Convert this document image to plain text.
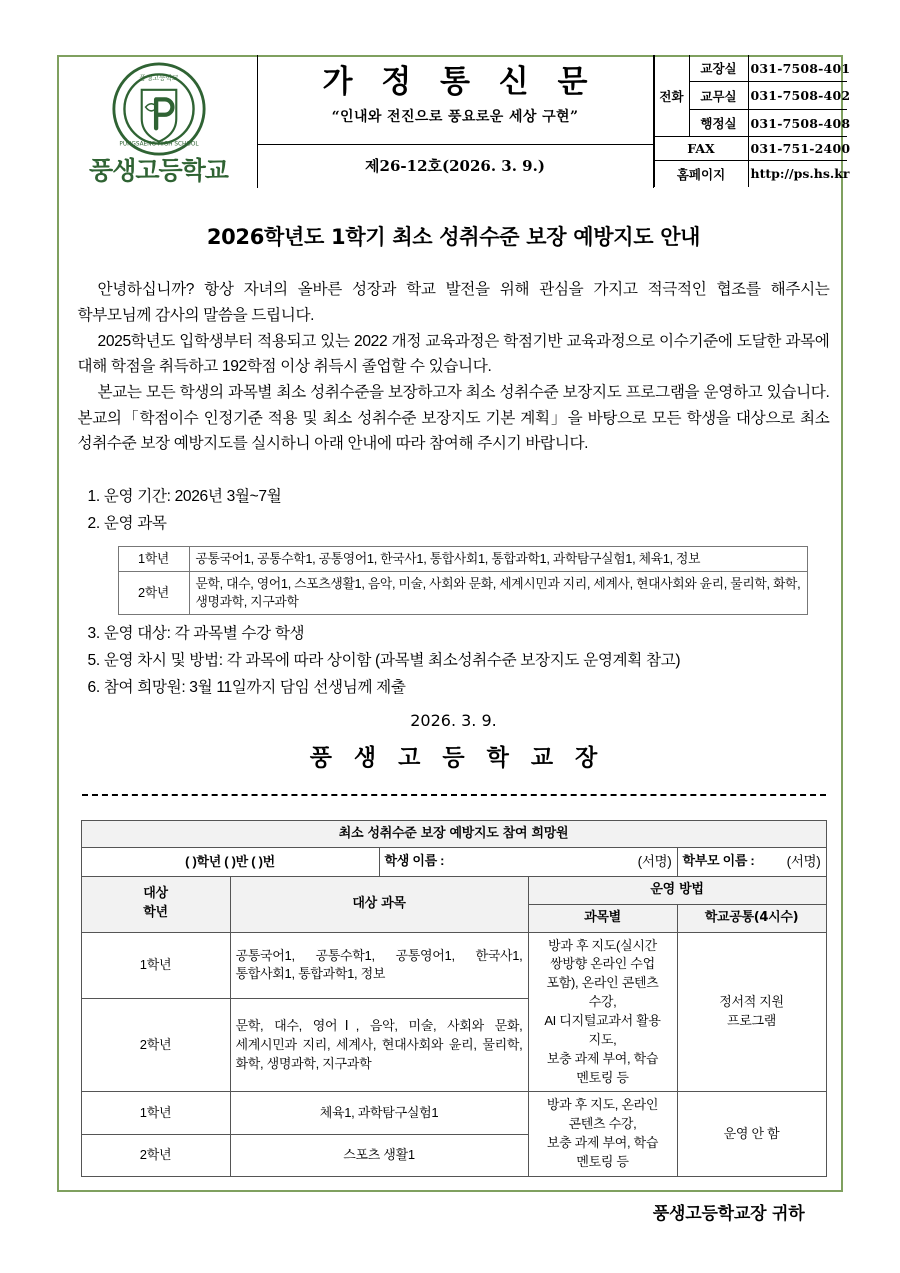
풍생고등학교
PUNGSAENG HIGH SCHOOL
풍생고등학교

가 정 통 신 문
“인내와 전진으로 풍요로운 세상 구현”
제26-12호(2026. 3. 9.)

전화	교장실	031-7508-401
	교무실	031-7508-402
	행정실	031-7508-408
FAX		031-751-2400
홈페이지		http://ps.hs.kr
2026학년도 1학기 최소 성취수준 보장 예방지도 안내

안녕하십니까? 항상 자녀의 올바른 성장과 학교 발전을 위해 관심을 가지고 적극적인 협조를 해주시는 학부모님께 감사의 말씀을 드립니다.

2025학년도 입학생부터 적용되고 있는 2022 개정 교육과정은 학점기반 교육과정으로 이수기준에 도달한 과목에 대해 학점을 취득하고 192학점 이상 취득시 졸업할 수 있습니다.

본교는 모든 학생의 과목별 최소 성취수준을 보장하고자 최소 성취수준 보장지도 프로그램을 운영하고 있습니다. 본교의「학점이수 인정기준 적용 및 최소 성취수준 보장지도 기본 계획」을 바탕으로 모든 학생을 대상으로 최소 성취수준 보장 예방지도를 실시하니 아래 안내에 따라 참여해 주시기 바랍니다.

1. 운영 기간: 2026년 3월~7월
2. 운영 과목
1학년	공통국어1, 공통수학1, 공통영어1, 한국사1, 통합사회1, 통합과학1, 과학탐구실험1, 체육1, 정보
2학년	문학, 대수, 영어1, 스포츠생활1, 음악, 미술, 사회와 문화, 세계시민과 지리, 세계사, 현대사회와 윤리, 물리학, 화학, 생명과학, 지구과학
3. 운영 대상: 각 과목별 수강 학생
5. 운영 차시 및 방법: 각 과목에 따라 상이함 (과목별 최소성취수준 보장지도 운영계획 참고)
6. 참여 희망원: 3월 11일까지 담임 선생님께 제출
2026. 3. 9.
풍 생 고 등 학 교 장
최소 성취수준 보장 예방지도 참여 희망원				
( )학년 ( )반 ( )번		학생 이름 : (서명)		학부모 이름 : (서명)

대상
학년	대상 과목		운영 방법	
			과목별	학교공통(4시수)
1학년	공통국어1, 공통수학1, 공통영어1, 한국사1, 통합사회1, 통합과학1, 정보		방과 후 지도(실시간 쌍방향 온라인 수업
포함), 온라인 콘텐츠 수강,
AI 디지털교과서 활용 지도,
보충 과제 부여, 학습 멘토링 등	정서적 지원
프로그램
2학년	문학, 대수, 영어Ⅰ, 음악, 미술, 사회와 문화, 세계시민과 지리, 세계사, 현대사회와 윤리, 물리학, 화학, 생명과학, 지구과학			
1학년	체육1, 과학탐구실험1		방과 후 지도, 온라인 콘텐츠 수강,
보충 과제 부여, 학습 멘토링 등	운영 안 함
2학년	스포츠 생활1			
풍생고등학교장 귀하
